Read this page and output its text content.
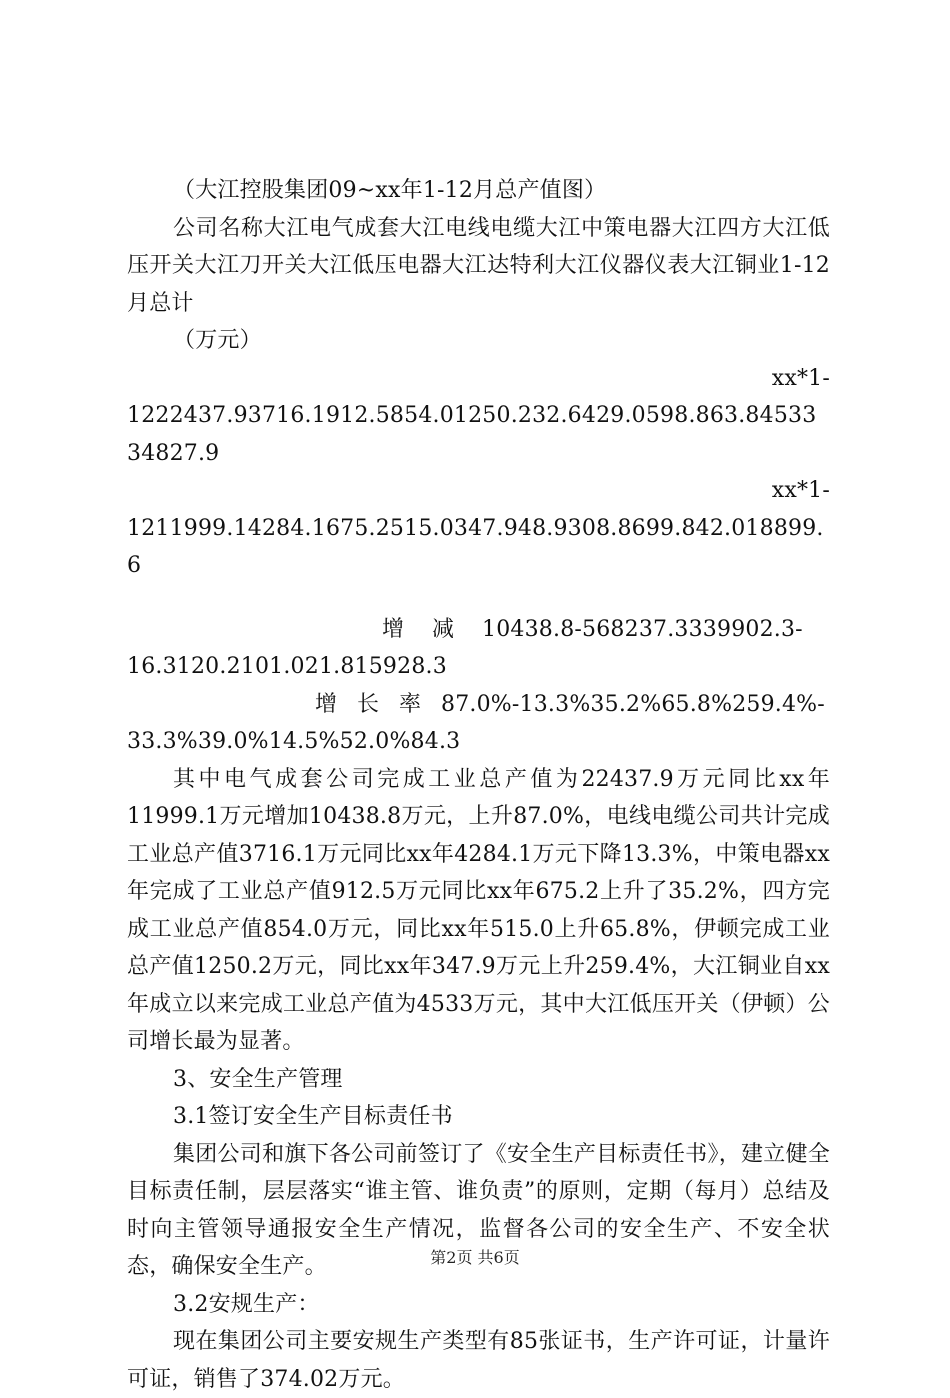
（大江控股集团09~xx年1-12月总产值图）

公司名称大江电气成套大江电线电缆大江中策电器大江四方大江低压开关大江刀开关大江低压电器大江达特利大江仪器仪表大江铜业1-12月总计

（万元）

xx*1-

1222437.93716.1912.5854.01250.232.6429.0598.863.8453334827.9

xx*1-

1211999.14284.1675.2515.0347.948.9308.8699.842.018899.6

增减10438.8-568237.3339902.3-

16.3120.2101.021.815928.3

增长率87.0%-13.3%35.2%65.8%259.4%-

33.3%39.0%14.5%52.0%84.3

其中电气成套公司完成工业总产值为22437.9万元同比xx年11999.1万元增加10438.8万元，上升87.0%，电线电缆公司共计完成工业总产值3716.1万元同比xx年4284.1万元下降13.3%，中策电器xx年完成了工业总产值912.5万元同比xx年675.2上升了35.2%，四方完成工业总产值854.0万元，同比xx年515.0上升65.8%，伊顿完成工业总产值1250.2万元，同比xx年347.9万元上升259.4%，大江铜业自xx年成立以来完成工业总产值为4533万元，其中大江低压开关（伊顿）公司增长最为显著。

3、安全生产管理

3.1签订安全生产目标责任书

集团公司和旗下各公司前签订了《安全生产目标责任书》，建立健全目标责任制，层层落实“谁主管、谁负责”的原则，定期（每月）总结及时向主管领导通报安全生产情况，监督各公司的安全生产、不安全状态，确保安全生产。

3.2安规生产：

现在集团公司主要安规生产类型有85张证书，生产许可证，计量许可证，销售了374.02万元。

第2页 共6页
